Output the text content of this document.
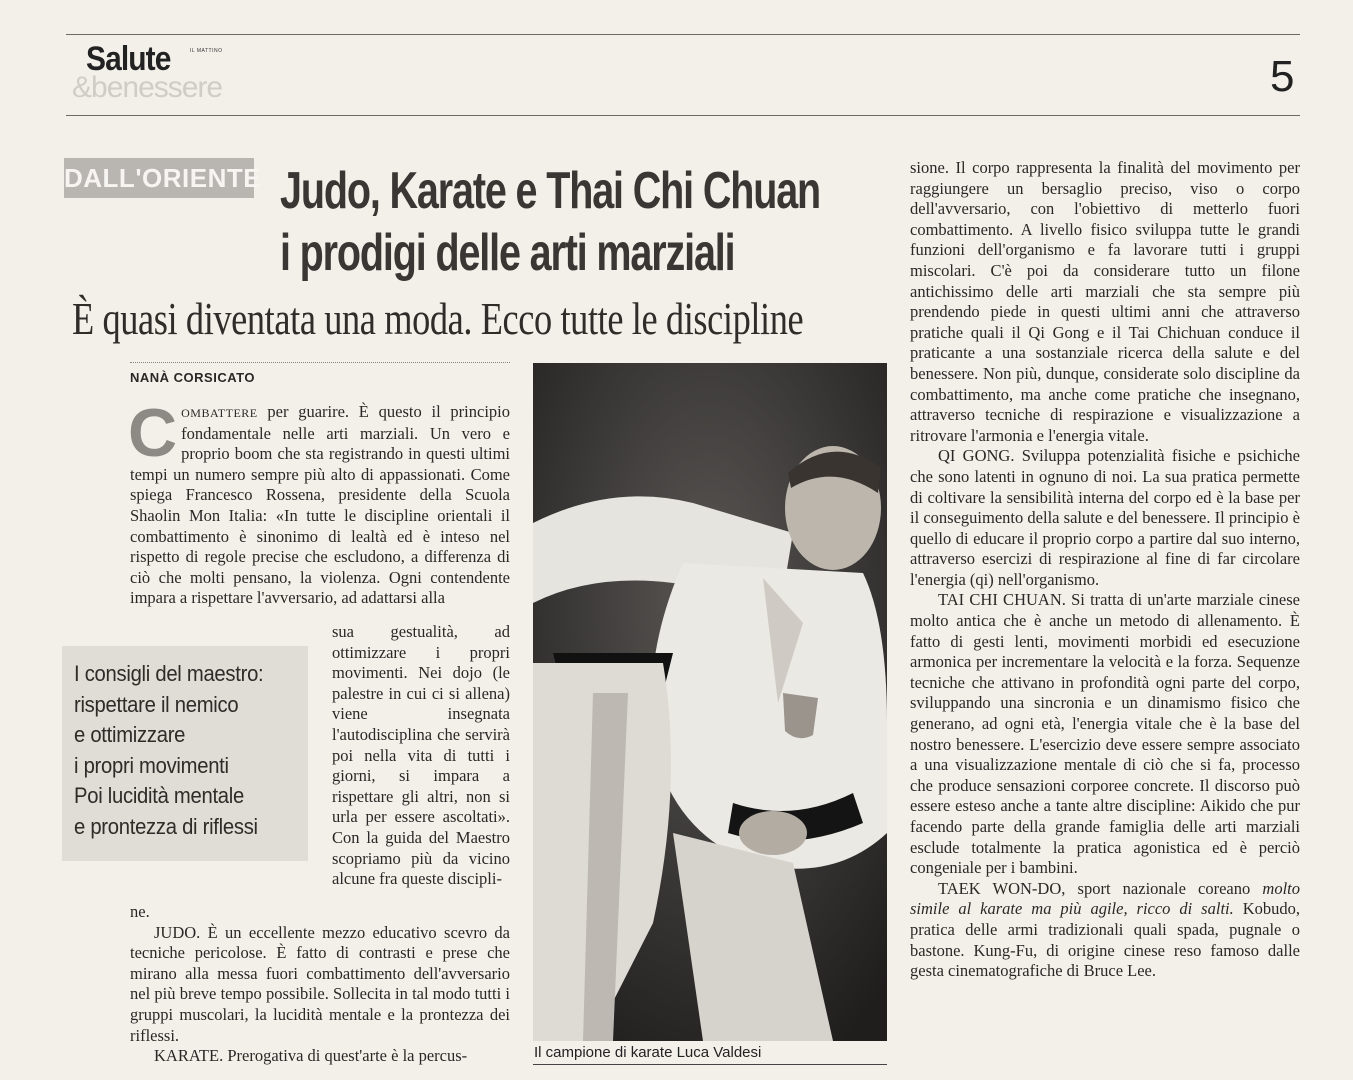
&benessere
Salute	IL MATTINO
5
DALL'ORIENTE Judo, Karate e Thai Chi Chuan
i prodigi delle arti marziali
È quasi diventata una moda. Ecco tutte le discipline
NANÀ CORSICATO
COMBATTERE per guarire. È questo il principio fondamentale nelle arti marziali. Un vero e proprio boom che sta registrando in questi ultimi tempi un numero sempre più alto di appassionati. Come spiega Francesco Rossena, presidente della Scuola Shaolin Mon Italia: «In tutte le discipline orientali il combattimento è sinonimo di lealtà ed è inteso nel rispetto di regole precise che escludono, a differenza di ciò che molti pensano, la violenza. Ogni contendente impara a rispettare l'avversario, ad adattarsi alla
I consigli del maestro:
rispettare il nemico
e ottimizzare
i propri movimenti
Poi lucidità mentale
e prontezza di riflessi
sua gestualità, ad ottimizzare i propri movimenti. Nei dojo (le palestre in cui ci si allena) viene insegnata l'autodisciplina che servirà poi nella vita di tutti i giorni, si impara a rispettare gli altri, non si urla per essere ascoltati». Con la guida del Maestro scopriamo più da vicino alcune fra queste discipli-

ne.

JUDO. È un eccellente mezzo educativo scevro da tecniche pericolose. È fatto di contrasti e prese che mirano alla messa fuori combattimento dell'avversario nel più breve tempo possibile. Sollecita in tal modo tutti i gruppi muscolari, la lucidità mentale e la prontezza dei riflessi.

KARATE. Prerogativa di quest'arte è la percus-	Il campione di karate Luca Valdesi

sione. Il corpo rappresenta la finalità del movimento per raggiungere un bersaglio preciso, viso o corpo dell'avversario, con l'obiettivo di metterlo fuori combattimento. A livello fisico sviluppa tutte le grandi funzioni dell'organismo e fa lavorare tutti i gruppi miscolari. C'è poi da considerare tutto un filone antichissimo delle arti marziali che sta sempre più prendendo piede in questi ultimi anni che attraverso pratiche quali il Qi Gong e il Tai Chichuan conduce il praticante a una sostanziale ricerca della salute e del benessere. Non più, dunque, considerate solo discipline da combattimento, ma anche come pratiche che insegnano, attraverso tecniche di respirazione e visualizzazione a ritrovare l'armonia e l'energia vitale.

QI GONG. Sviluppa potenzialità fisiche e psichiche che sono latenti in ognuno di noi. La sua pratica permette di coltivare la sensibilità interna del corpo ed è la base per il conseguimento della salute e del benessere. Il principio è quello di educare il proprio corpo a partire dal suo interno, attraverso esercizi di respirazione al fine di far circolare l'energia (qi) nell'organismo.

TAI CHI CHUAN. Si tratta di un'arte marziale cinese molto antica che è anche un metodo di allenamento. È fatto di gesti lenti, movimenti morbidi ed esecuzione armonica per incrementare la velocità e la forza. Sequenze tecniche che attivano in profondità ogni parte del corpo, sviluppando una sincronia e un dinamismo fisico che generano, ad ogni età, l'energia vitale che è la base del nostro benessere. L'esercizio deve essere sempre associato a una visualizzazione mentale di ciò che si fa, processo che produce sensazioni corporee concrete. Il discorso può essere esteso anche a tante altre discipline: Aikido che pur facendo parte della grande famiglia delle arti marziali esclude totalmente la pratica agonistica ed è perciò congeniale per i bambini.

TAEK WON-DO, sport nazionale coreano molto simile al karate ma più agile, ricco di salti. Kobudo, pratica delle armi tradizionali quali spada, pugnale o bastone. Kung-Fu, di origine cinese reso famoso dalle gesta cinematografiche di Bruce Lee.
